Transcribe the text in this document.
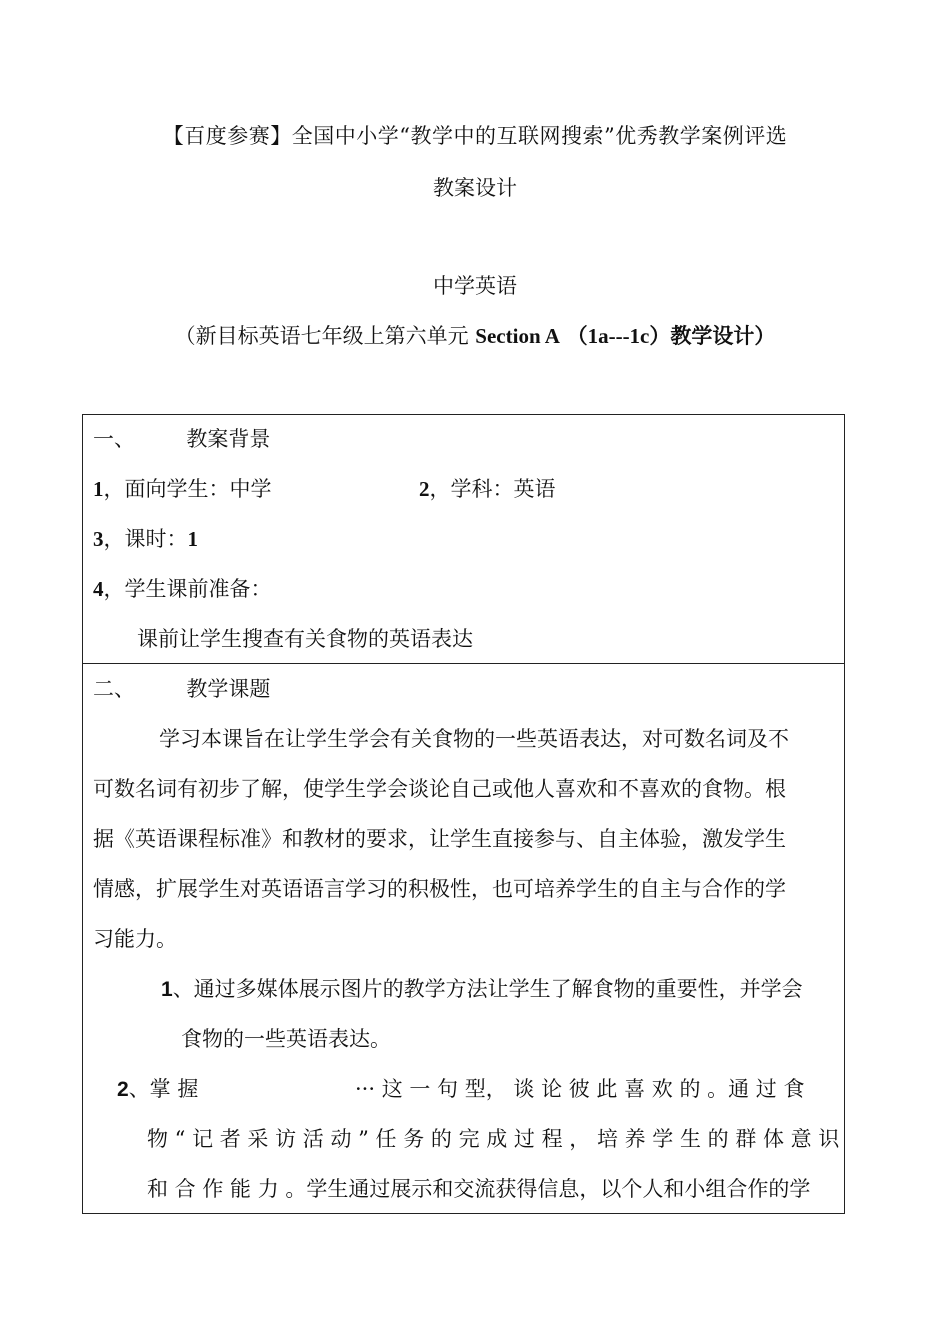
【百度参赛】全国中小学“教学中的互联网搜索”优秀教学案例评选
教案设计
中学英语
（新目标英语七年级上第六单元 Section A （1a---1c）教学设计）
一、 教案背景
1，面向学生：中学	2，学科：英语
3，课时：1
4，学生课前准备：
课前让学生搜查有关食物的英语表达
二、 教学课题
学习本课旨在让学生学会有关食物的一些英语表达，对可数名词及不
可数名词有初步了解，使学生学会谈论自己或他人喜欢和不喜欢的食物。根
据《英语课程标准》和教材的要求，让学生直接参与、自主体验，激发学生
情感，扩展学生对英语语言学习的积极性，也可培养学生的自主与合作的学
习能力。
1、通过多媒体展示图片的教学方法让学生了解食物的重要性，并学会
食物的一些英语表达。
2、掌 握	··· 这 一 句 型， 谈 论 彼 此 喜 欢 的 。通 过 食
物 “ 记 者 采 访 活 动 ” 任 务 的 完 成 过 程 ， 培 养 学 生 的 群 体 意 识
和 合 作 能 力 。学生通过展示和交流获得信息，以个人和小组合作的学
